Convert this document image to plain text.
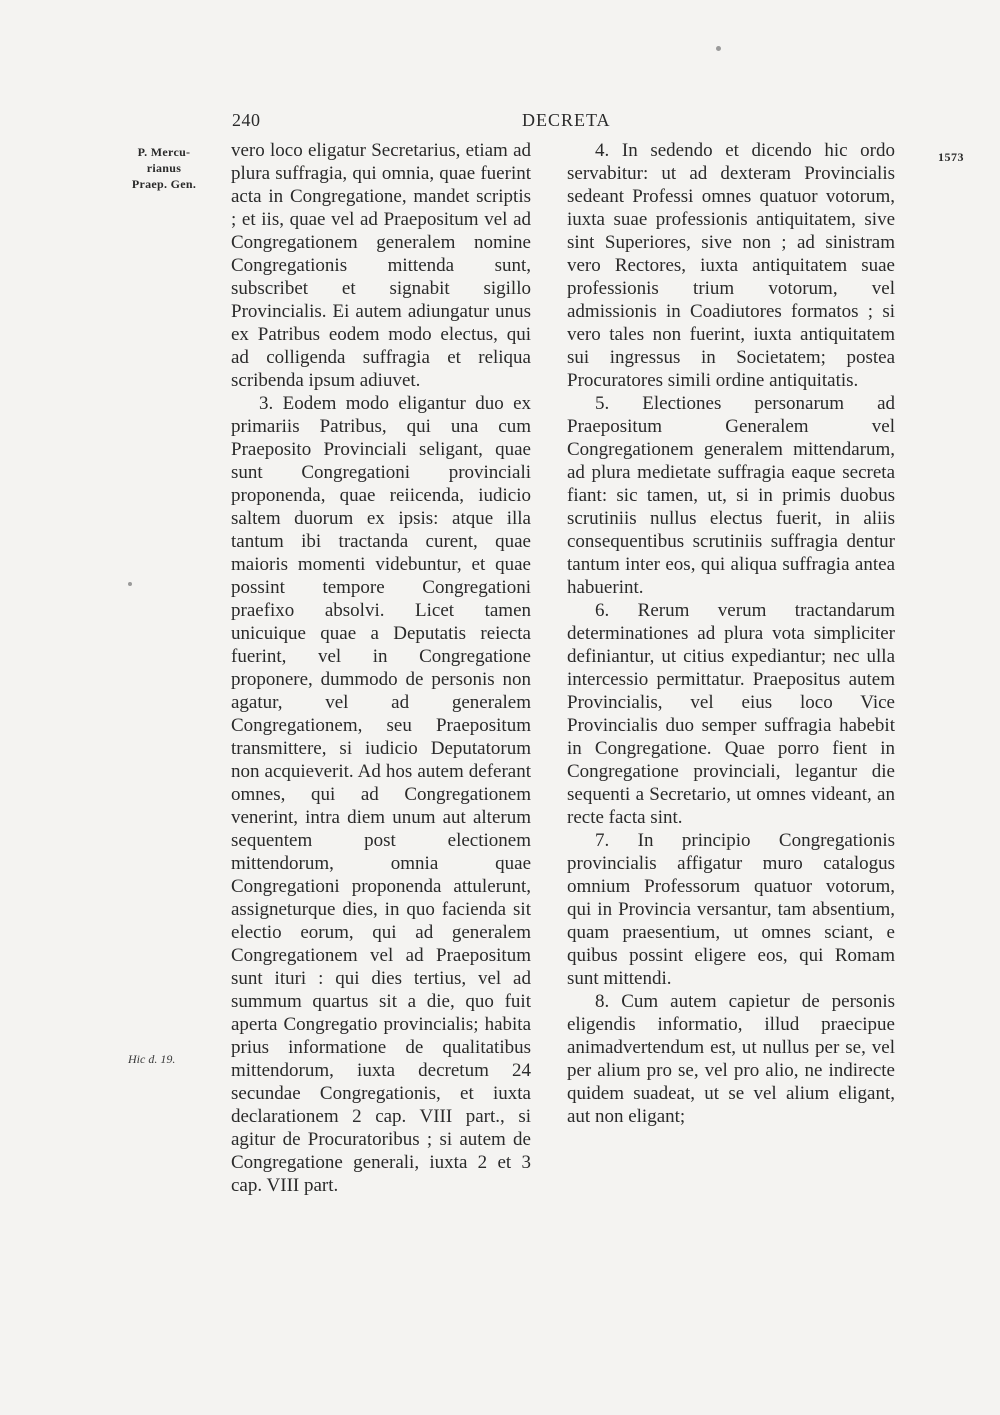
240	DECRETA
P. Mercu-
rianus
Praep. Gen.
Hic d. 19.
1573

vero loco eligatur Secretarius, etiam ad plura suffragia, qui omnia, quae fuerint acta in Congregatione, mandet scriptis ; et iis, quae vel ad Praepositum vel ad Congregationem generalem nomine Congregationis mittenda sunt, subscribet et signabit sigillo Provincialis. Ei autem adiungatur unus ex Patribus eodem modo electus, qui ad colligenda suffragia et reliqua scribenda ipsum adiuvet.

3. Eodem modo eligantur duo ex primariis Patribus, qui una cum Praeposito Provinciali seligant, quae sunt Congregationi provinciali proponenda, quae reiicenda, iudicio saltem duorum ex ipsis: atque illa tantum ibi tractanda curent, quae maioris momenti videbuntur, et quae possint tempore Congregationi praefixo absolvi. Licet tamen unicuique quae a Deputatis reiecta fuerint, vel in Congregatione proponere, dummodo de personis non agatur, vel ad generalem Congregationem, seu Praepositum transmittere, si iudicio Deputatorum non acquieverit. Ad hos autem deferant omnes, qui ad Congregationem venerint, intra diem unum aut alterum sequentem post electionem mittendorum, omnia quae Congregationi proponenda attulerunt, assigneturque dies, in quo facienda sit electio eorum, qui ad generalem Congregationem vel ad Praepositum sunt ituri : qui dies tertius, vel ad summum quartus sit a die, quo fuit aperta Congregatio provincialis; habita prius informatione de qualitatibus mittendorum, iuxta decretum 24 secundae Congregationis, et iuxta declarationem 2 cap. VIII part., si agitur de Procuratoribus ; si autem de Congregatione generali, iuxta 2 et 3 cap. VIII part.

4. In sedendo et dicendo hic ordo servabitur: ut ad dexteram Provincialis sedeant Professi omnes quatuor votorum, iuxta suae professionis antiquitatem, sive sint Superiores, sive non ; ad sinistram vero Rectores, iuxta antiquitatem suae professionis trium votorum, vel admissionis in Coadiutores formatos ; si vero tales non fuerint, iuxta antiquitatem sui ingressus in Societatem; postea Procuratores simili ordine antiquitatis.

5. Electiones personarum ad Praepositum Generalem vel Congregationem generalem mittendarum, ad plura medietate suffragia eaque secreta fiant: sic tamen, ut, si in primis duobus scrutiniis nullus electus fuerit, in aliis consequentibus scrutiniis suffragia dentur tantum inter eos, qui aliqua suffragia antea habuerint.

6. Rerum verum tractandarum determinationes ad plura vota simpliciter definiantur, ut citius expediantur; nec ulla intercessio permittatur. Praepositus autem Provincialis, vel eius loco Vice Provincialis duo semper suffragia habebit in Congregatione. Quae porro fient in Congregatione provinciali, legantur die sequenti a Secretario, ut omnes videant, an recte facta sint.

7. In principio Congregationis provincialis affigatur muro catalogus omnium Professorum quatuor votorum, qui in Provincia versantur, tam absentium, quam praesentium, ut omnes sciant, e quibus possint eligere eos, qui Romam sunt mittendi.

8. Cum autem capietur de personis eligendis informatio, illud praecipue animadvertendum est, ut nullus per se, vel per alium pro se, vel pro alio, ne indirecte quidem suadeat, ut se vel alium eligant, aut non eligant;
